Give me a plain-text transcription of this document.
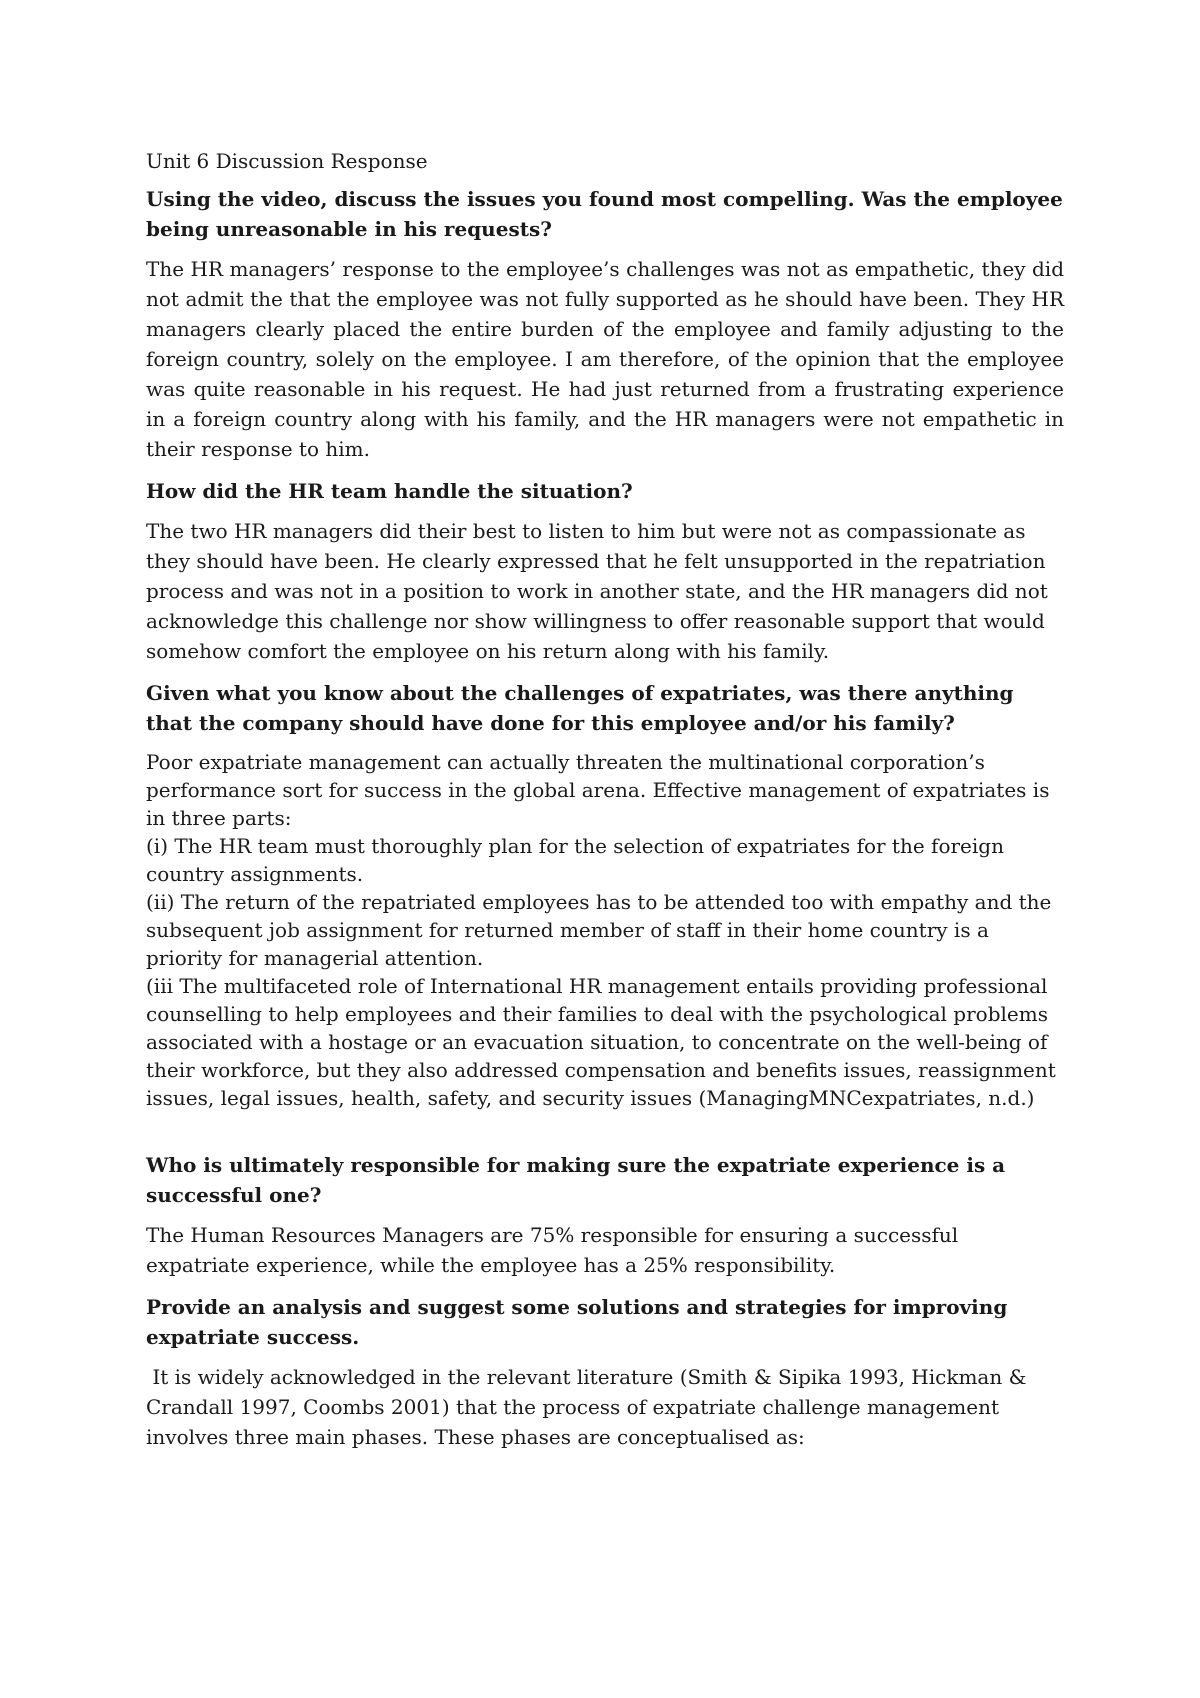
Unit 6 Discussion Response

Using the video, discuss the issues you found most compelling. Was the employee being unreasonable in his requests?

The HR managers’ response to the employee’s challenges was not as empathetic, they did not admit the that the employee was not fully supported as he should have been. They HR managers clearly placed the entire burden of the employee and family adjusting to the foreign country, solely on the employee. I am therefore, of the opinion that the employee was quite reasonable in his request. He had just returned from a frustrating experience in a foreign country along with his family, and the HR managers were not empathetic in their response to him.

How did the HR team handle the situation?

The two HR managers did their best to listen to him but were not as compassionate as they should have been. He clearly expressed that he felt unsupported in the repatriation process and was not in a position to work in another state, and the HR managers did not acknowledge this challenge nor show willingness to offer reasonable support that would somehow comfort the employee on his return along with his family.

Given what you know about the challenges of expatriates, was there anything that the company should have done for this employee and/or his family?

Poor expatriate management can actually threaten the multinational corporation’s performance sort for success in the global arena. Effective management of expatriates is in three parts:

(i) The HR team must thoroughly plan for the selection of expatriates for the foreign country assignments.

(ii) The return of the repatriated employees has to be attended too with empathy and the subsequent job assignment for returned member of staff in their home country is a priority for managerial attention.

(iii The multifaceted role of International HR management entails providing professional counselling to help employees and their families to deal with the psychological problems associated with a hostage or an evacuation situation, to concentrate on the well-being of their workforce, but they also addressed compensation and benefits issues, reassignment issues, legal issues, health, safety, and security issues (ManagingMNCexpatriates, n.d.)

Who is ultimately responsible for making sure the expatriate experience is a successful one?

The Human Resources Managers are 75% responsible for ensuring a successful expatriate experience, while the employee has a 25% responsibility.

Provide an analysis and suggest some solutions and strategies for improving expatriate success.

It is widely acknowledged in the relevant literature (Smith & Sipika 1993, Hickman & Crandall 1997, Coombs 2001) that the process of expatriate challenge management involves three main phases. These phases are conceptualised as:
